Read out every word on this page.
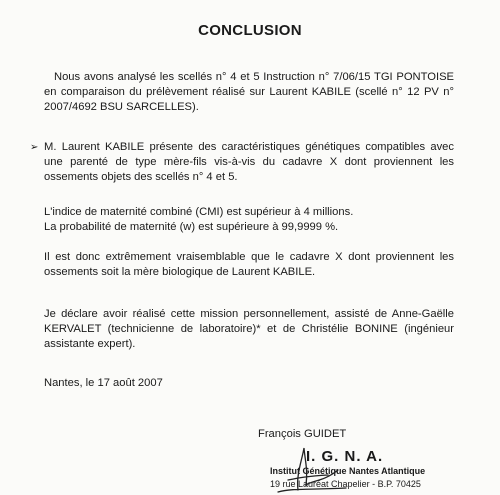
CONCLUSION

Nous avons analysé les scellés n° 4 et 5 Instruction n° 7/06/15 TGI PONTOISE en comparaison du prélèvement réalisé sur Laurent KABILE (scellé n° 12 PV n° 2007/4692 BSU SARCELLES).

➢ M. Laurent KABILE présente des caractéristiques génétiques compatibles avec une parenté de type mère-fils vis-à-vis du cadavre X dont proviennent les ossements objets des scellés n° 4 et 5.

L'indice de maternité combiné (CMI) est supérieur à 4 millions.
La probabilité de maternité (w) est supérieure à 99,9999 %.

Il est donc extrêmement vraisemblable que le cadavre X dont proviennent les ossements soit la mère biologique de Laurent KABILE.

Je déclare avoir réalisé cette mission personnellement, assisté de Anne-Gaëlle KERVALET (technicienne de laboratoire)* et de Christélie BONINE (ingénieur assistante expert).

Nantes, le 17 août 2007
François GUIDET
I. G. N. A.
Institut Génétique Nantes Atlantique
19 rue Lauréat Chapelier - B.P. 70425
